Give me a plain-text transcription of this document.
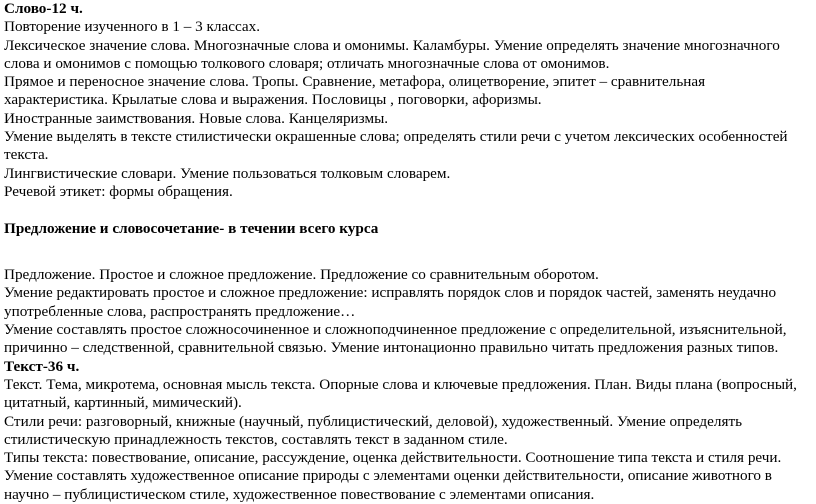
Слово-12 ч.

Повторение изученного в 1 – 3 классах.

Лексическое значение слова. Многозначные слова и омонимы. Каламбуры. Умение определять значение многозначного слова и омонимов с помощью толкового словаря; отличать многозначные слова от омонимов.

Прямое и переносное значение слова. Тропы. Сравнение, метафора, олицетворение, эпитет – сравнительная характеристика. Крылатые слова и выражения. Пословицы , поговорки, афоризмы.

Иностранные заимствования. Новые слова. Канцеляризмы.

Умение выделять в тексте стилистически окрашенные слова; определять стили речи с учетом лексических особенностей текста.

Лингвистические словари. Умение пользоваться толковым словарем.

Речевой этикет: формы обращения.

Предложение и словосочетание- в течении всего курса

Предложение. Простое и сложное предложение. Предложение со сравнительным оборотом.

Умение редактировать простое и сложное предложение: исправлять порядок слов и порядок частей, заменять неудачно употребленные слова, распространять предложение…

Умение составлять простое сложносочиненное и сложноподчиненное предложение с определительной, изъяснительной, причинно – следственной, сравнительной связью. Умение интонационно правильно читать предложения разных типов.

Текст-36 ч.

Текст. Тема, микротема, основная мысль текста. Опорные слова и ключевые предложения. План. Виды плана (вопросный, цитатный, картинный, мимический).

Стили речи: разговорный, книжные (научный, публицистический, деловой), художественный. Умение определять стилистическую принадлежность текстов, составлять текст в заданном стиле.

Типы текста: повествование, описание, рассуждение, оценка действительности. Соотношение типа текста и стиля речи.

Умение составлять художественное описание природы с элементами оценки действительности, описание животного в научно – публицистическом стиле, художественное повествование с элементами описания.
